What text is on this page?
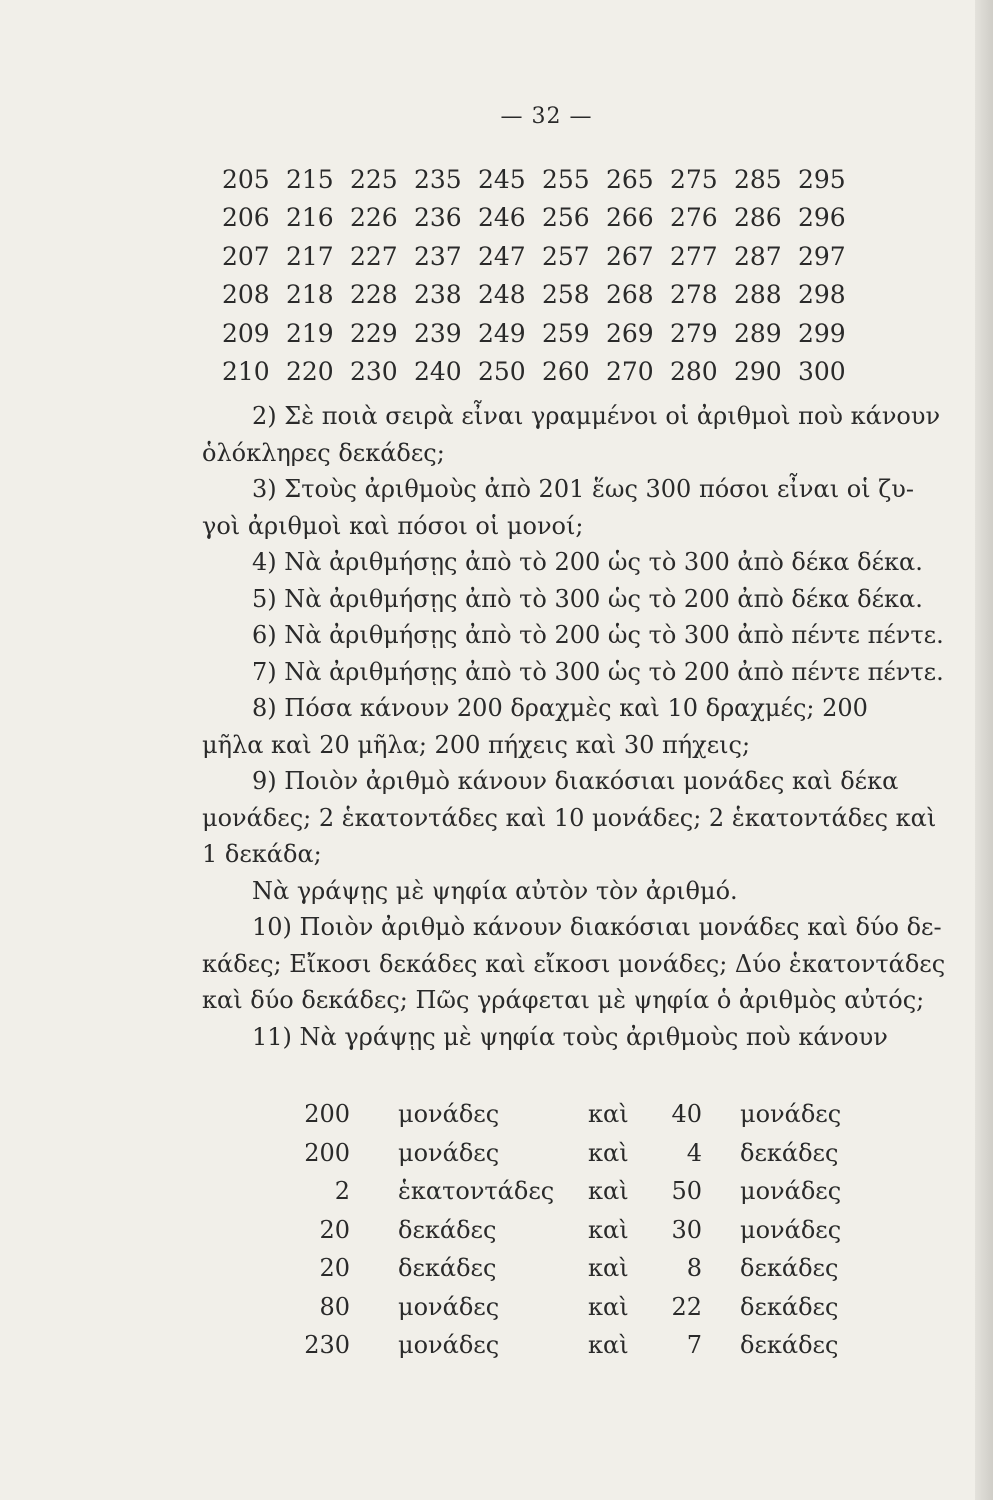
— 32 —
205 215 225 235 245 255 265 275 285 295
206 216 226 236 246 256 266 276 286 296
207 217 227 237 247 257 267 277 287 297
208 218 228 238 248 258 268 278 288 298
209 219 229 239 249 259 269 279 289 299
210 220 230 240 250 260 270 280 290 300
2) Σὲ ποιὰ σειρὰ εἶναι γραμμένοι οἱ ἀριθμοὶ ποὺ κάνουν
ὁλόκληρες δεκάδες;
3) Στοὺς ἀριθμοὺς ἀπὸ 201 ἕως 300 πόσοι εἶναι οἱ ζυ-
γοὶ ἀριθμοὶ καὶ πόσοι οἱ μονοί;
4) Νὰ ἀριθμήσῃς ἀπὸ τὸ 200 ὡς τὸ 300 ἀπὸ δέκα δέκα.
5) Νὰ ἀριθμήσῃς ἀπὸ τὸ 300 ὡς τὸ 200 ἀπὸ δέκα δέκα.
6) Νὰ ἀριθμήσῃς ἀπὸ τὸ 200 ὡς τὸ 300 ἀπὸ πέντε πέντε.
7) Νὰ ἀριθμήσῃς ἀπὸ τὸ 300 ὡς τὸ 200 ἀπὸ πέντε πέντε.
8) Πόσα κάνουν 200 δραχμὲς καὶ 10 δραχμές; 200
μῆλα καὶ 20 μῆλα; 200 πήχεις καὶ 30 πήχεις;
9) Ποιὸν ἀριθμὸ κάνουν διακόσιαι μονάδες καὶ δέκα
μονάδες; 2 ἑκατοντάδες καὶ 10 μονάδες; 2 ἑκατοντάδες καὶ
1 δεκάδα;
Νὰ γράψῃς μὲ ψηφία αὐτὸν τὸν ἀριθμό.
10) Ποιὸν ἀριθμὸ κάνουν διακόσιαι μονάδες καὶ δύο δε-
κάδες; Εἴκοσι δεκάδες καὶ εἴκοσι μονάδες; Δύο ἑκατοντάδες
καὶ δύο δεκάδες; Πῶς γράφεται μὲ ψηφία ὁ ἀριθμὸς αὐτός;
11) Νὰ γράψῃς μὲ ψηφία τοὺς ἀριθμοὺς ποὺ κάνουν
200	μονάδες	καὶ	40	μονάδες
200	μονάδες	καὶ	4	δεκάδες
2	ἑκατοντάδες	καὶ	50	μονάδες
20	δεκάδες	καὶ	30	μονάδες
20	δεκάδες	καὶ	8	δεκάδες
80	μονάδες	καὶ	22	δεκάδες
230	μονάδες	καὶ	7	δεκάδες
